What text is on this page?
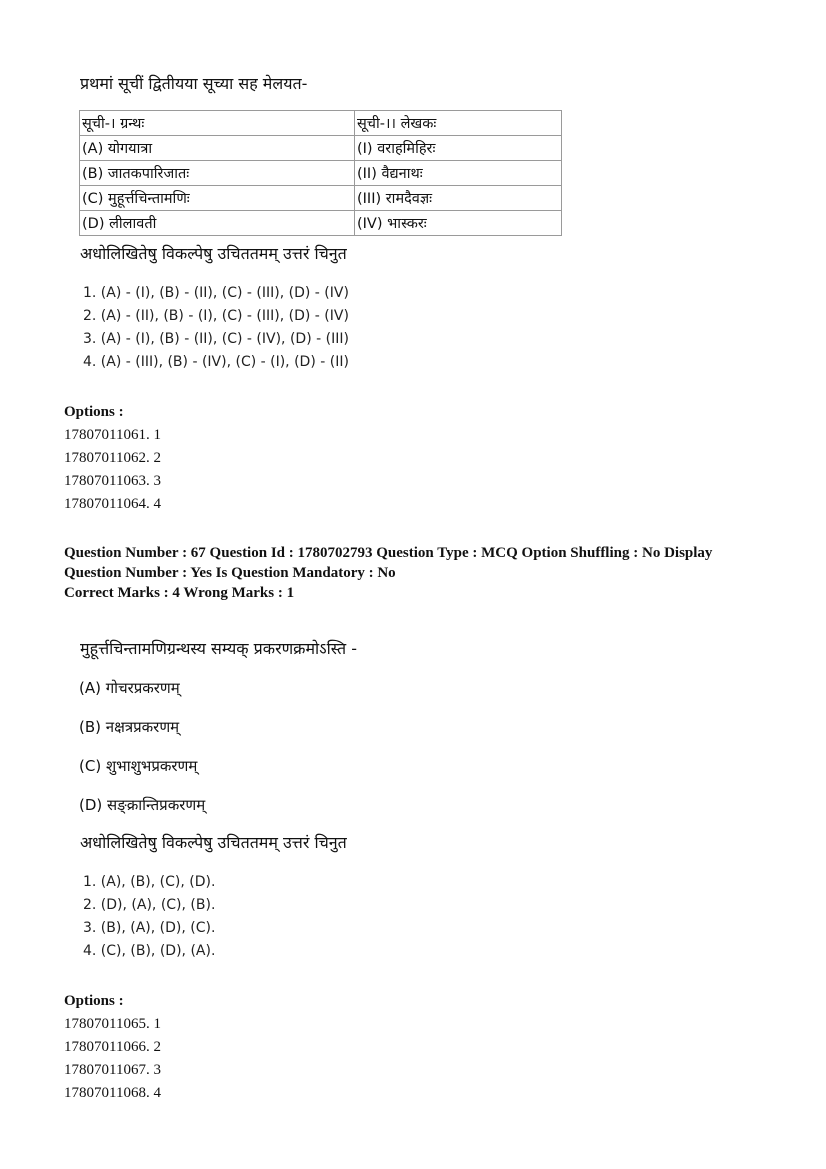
प्रथमां सूचीं द्वितीयया सूच्या सह मेलयत-
सूची-। ग्रन्थः	सूची-।। लेखकः
(A) योगयात्रा	(I) वराहमिहिरः
(B) जातकपारिजातः	(II) वैद्यनाथः
(C) मुहूर्त्तचिन्तामणिः	(III) रामदैवज्ञः
(D) लीलावती	(IV) भास्करः
अधोलिखितेषु विकल्पेषु उचिततमम् उत्तरं चिनुत
1. (A) - (I), (B) - (II), (C) - (III), (D) - (IV)
2. (A) - (II), (B) - (I), (C) - (III), (D) - (IV)
3. (A) - (I), (B) - (II), (C) - (IV), (D) - (III)
4. (A) - (III), (B) - (IV), (C) - (I), (D) - (II)
Options :
17807011061. 1
17807011062. 2
17807011063. 3
17807011064. 4
Question Number : 67 Question Id : 1780702793 Question Type : MCQ Option Shuffling : No Display
Question Number : Yes Is Question Mandatory : No
Correct Marks : 4 Wrong Marks : 1
मुहूर्त्तचिन्तामणिग्रन्थस्य सम्यक् प्रकरणक्रमोऽस्ति -
(A) गोचरप्रकरणम्
(B) नक्षत्रप्रकरणम्
(C) शुभाशुभप्रकरणम्
(D) सङ्क्रान्तिप्रकरणम्
अधोलिखितेषु विकल्पेषु उचिततमम् उत्तरं चिनुत
1. (A), (B), (C), (D).
2. (D), (A), (C), (B).
3. (B), (A), (D), (C).
4. (C), (B), (D), (A).
Options :
17807011065. 1
17807011066. 2
17807011067. 3
17807011068. 4
